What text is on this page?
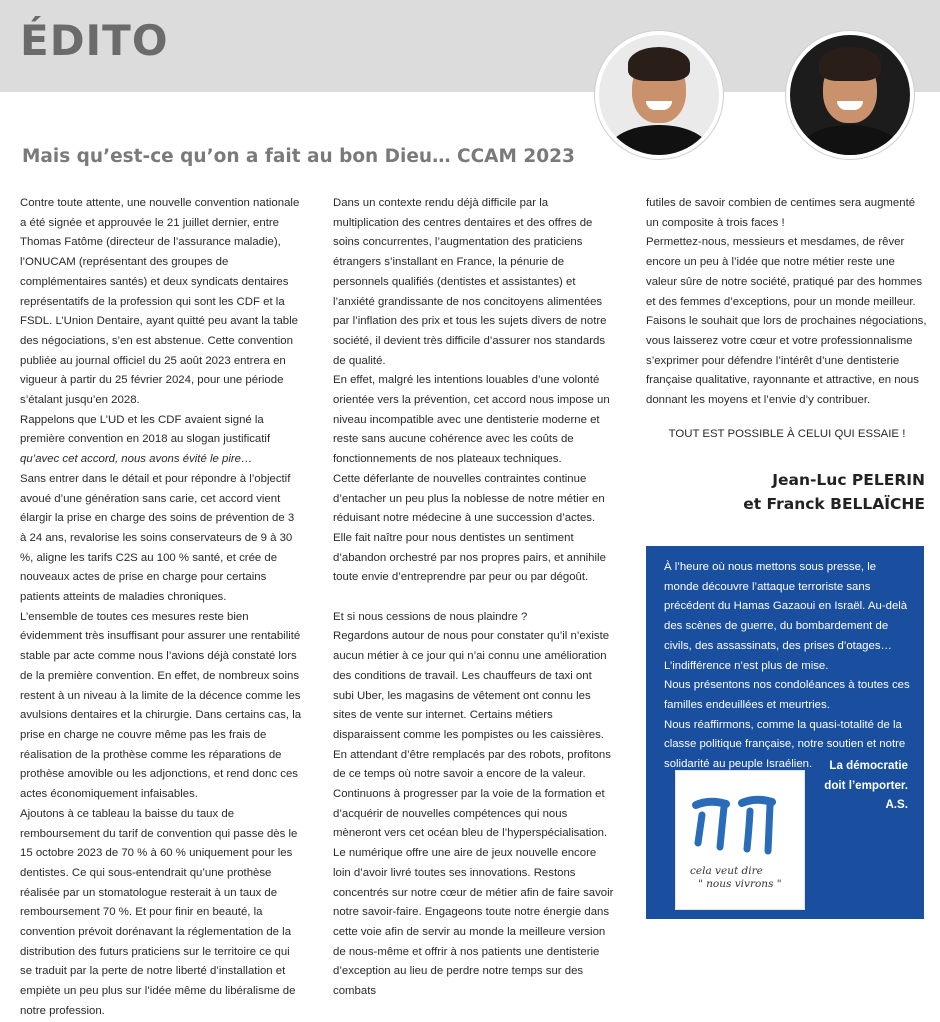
ÉDITO
Mais qu’est-ce qu’on a fait au bon Dieu… CCAM 2023

Contre toute attente, une nouvelle convention nationale a été signée et approuvée le 21 juillet dernier, entre Thomas Fatôme (directeur de l’assurance maladie), l’ONUCAM (représentant des groupes de complémentaires santés) et deux syndicats dentaires représentatifs de la profession qui sont les CDF et la FSDL. L’Union Dentaire, ayant quitté peu avant la table des négociations, s’en est abstenue. Cette convention publiée au journal officiel du 25 août 2023 entrera en vigueur à partir du 25 février 2024, pour une période s’étalant jusqu’en 2028.

Rappelons que L’UD et les CDF avaient signé la première convention en 2018 au slogan justificatif qu’avec cet accord, nous avons évité le pire…

Sans entrer dans le détail et pour répondre à l’objectif avoué d’une génération sans carie, cet accord vient élargir la prise en charge des soins de prévention de 3 à 24 ans, revalorise les soins conservateurs de 9 à 30 %, aligne les tarifs C2S au 100 % santé, et crée de nouveaux actes de prise en charge pour certains patients atteints de maladies chroniques.

L’ensemble de toutes ces mesures reste bien évidemment très insuffisant pour assurer une rentabilité stable par acte comme nous l’avions déjà constaté lors de la première convention. En effet, de nombreux soins restent à un niveau à la limite de la décence comme les avulsions dentaires et la chirurgie. Dans certains cas, la prise en charge ne couvre même pas les frais de réalisation de la prothèse comme les réparations de prothèse amovible ou les adjonctions, et rend donc ces actes économiquement infaisables.

Ajoutons à ce tableau la baisse du taux de remboursement du tarif de convention qui passe dès le 15 octobre 2023 de 70 % à 60 % uniquement pour les dentistes. Ce qui sous-entendrait qu’une prothèse réalisée par un stomatologue resterait à un taux de remboursement 70 %. Et pour finir en beauté, la convention prévoit dorénavant la réglementation de la distribution des futurs praticiens sur le territoire ce qui se traduit par la perte de notre liberté d’installation et empiète un peu plus sur l’idée même du libéralisme de notre profession.

Dans un contexte rendu déjà difficile par la multiplication des centres dentaires et des offres de soins concurrentes, l’augmentation des praticiens étrangers s’installant en France, la pénurie de personnels qualifiés (dentistes et assistantes) et l’anxiété grandissante de nos concitoyens alimentées par l’inflation des prix et tous les sujets divers de notre société, il devient très difficile d’assurer nos standards de qualité.

En effet, malgré les intentions louables d’une volonté orientée vers la prévention, cet accord nous impose un niveau incompatible avec une dentisterie moderne et reste sans aucune cohérence avec les coûts de fonctionnements de nos plateaux techniques.

Cette déferlante de nouvelles contraintes continue d’entacher un peu plus la noblesse de notre métier en réduisant notre médecine à une succession d’actes. Elle fait naître pour nous dentistes un sentiment d’abandon orchestré par nos propres pairs, et annihile toute envie d’entreprendre par peur ou par dégoût.

Et si nous cessions de nous plaindre ?

Regardons autour de nous pour constater qu’il n’existe aucun métier à ce jour qui n’ai connu une amélioration des conditions de travail. Les chauffeurs de taxi ont subi Uber, les magasins de vêtement ont connu les sites de vente sur internet. Certains métiers disparaissent comme les pompistes ou les caissières. En attendant d’être remplacés par des robots, profitons de ce temps où notre savoir a encore de la valeur. Continuons à progresser par la voie de la formation et d’acquérir de nouvelles compétences qui nous mèneront vers cet océan bleu de l’hyperspécialisation. Le numérique offre une aire de jeux nouvelle encore loin d’avoir livré toutes ses innovations. Restons concentrés sur notre cœur de métier afin de faire savoir notre savoir-faire. Engageons toute notre énergie dans cette voie afin de servir au monde la meilleure version de nous-même et offrir à nos patients une dentisterie d’exception au lieu de perdre notre temps sur des combats

futiles de savoir combien de centimes sera augmenté un composite à trois faces !

Permettez-nous, messieurs et mesdames, de rêver encore un peu à l’idée que notre métier reste une valeur sûre de notre société, pratiqué par des hommes et des femmes d’exceptions, pour un monde meilleur. Faisons le souhait que lors de prochaines négociations, vous laisserez votre cœur et votre professionnalisme s’exprimer pour défendre l’intérêt d’une dentisterie française qualitative, rayonnante et attractive, en nous donnant les moyens et l’envie d’y contribuer.

TOUT EST POSSIBLE À CELUI QUI ESSAIE !
Jean-Luc PELERIN
et Franck BELLAÏCHE

À l’heure où nous mettons sous presse, le monde découvre l’attaque terroriste sans précédent du Hamas Gazaoui en Israël. Au-delà des scènes de guerre, du bombardement de civils, des assassinats, des prises d’otages… L’indifférence n’est plus de mise.

Nous présentons nos condoléances à toutes ces familles endeuillées et meurtries.

Nous réaffirmons, comme la quasi-totalité de la classe politique française, notre soutien et notre solidarité au peuple Israélien.	La démocratie
doit l’emporter.
A.S.
cela veut dire
" nous vivrons "
